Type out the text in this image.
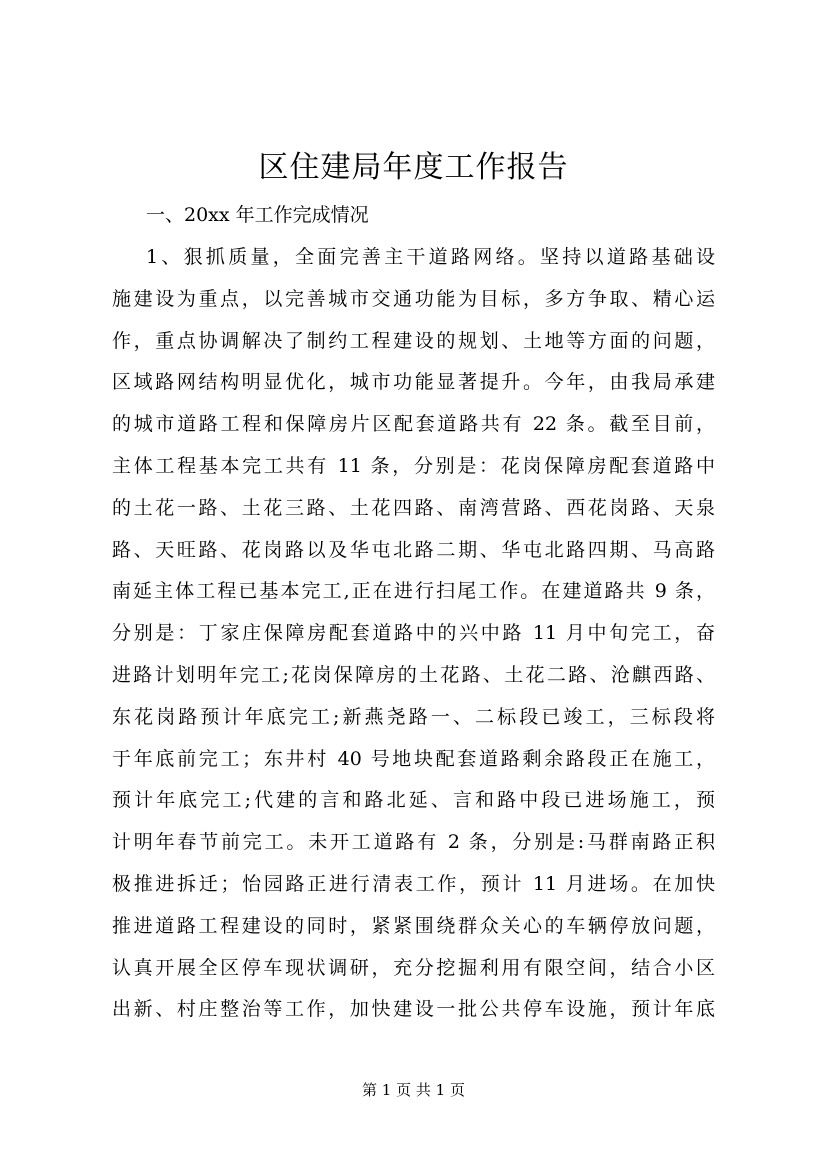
区住建局年度工作报告

一、20xx 年工作完成情况

1、狠抓质量，全面完善主干道路网络。坚持以道路基础设
施建设为重点，以完善城市交通功能为目标，多方争取、精心运
作，重点协调解决了制约工程建设的规划、土地等方面的问题，
区域路网结构明显优化，城市功能显著提升。今年，由我局承建
的城市道路工程和保障房片区配套道路共有 22 条。截至目前，
主体工程基本完工共有 11 条，分别是：花岗保障房配套道路中
的土花一路、土花三路、土花四路、南湾营路、西花岗路、天泉
路、天旺路、花岗路以及华屯北路二期、华屯北路四期、马高路
南延主体工程已基本完工,正在进行扫尾工作。在建道路共 9 条，
分别是：丁家庄保障房配套道路中的兴中路 11 月中旬完工，奋
进路计划明年完工;花岗保障房的土花路、土花二路、沧麒西路、
东花岗路预计年底完工;新燕尧路一、二标段已竣工，三标段将
于年底前完工；东井村 40 号地块配套道路剩余路段正在施工，
预计年底完工;代建的言和路北延、言和路中段已进场施工，预
计明年春节前完工。未开工道路有 2 条，分别是:马群南路正积
极推进拆迁；怡园路正进行清表工作，预计 11 月进场。在加快
推进道路工程建设的同时，紧紧围绕群众关心的车辆停放问题，
认真开展全区停车现状调研，充分挖掘利用有限空间，结合小区
出新、村庄整治等工作，加快建设一批公共停车设施，预计年底
第 1 页 共 1 页
